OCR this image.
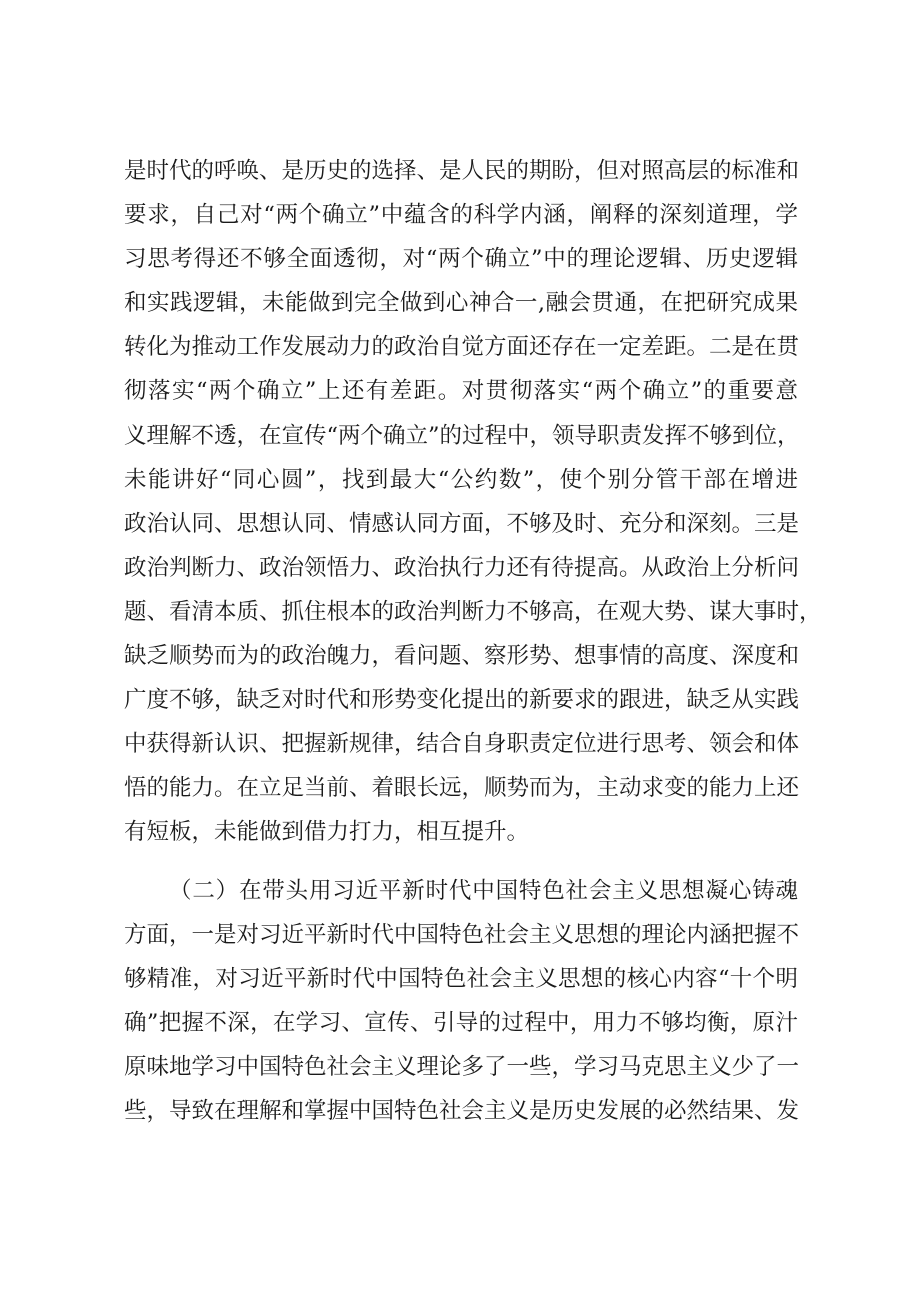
是时代的呼唤、是历史的选择、是人民的期盼，但对照高层的标准和
要求，自己对“两个确立”中蕴含的科学内涵，阐释的深刻道理，学
习思考得还不够全面透彻，对“两个确立”中的理论逻辑、历史逻辑
和实践逻辑，未能做到完全做到心神合一,融会贯通，在把研究成果
转化为推动工作发展动力的政治自觉方面还存在一定差距。二是在贯
彻落实“两个确立”上还有差距。对贯彻落实“两个确立”的重要意
义理解不透，在宣传“两个确立”的过程中，领导职责发挥不够到位，
未能讲好“同心圆”，找到最大“公约数”，使个别分管干部在增进
政治认同、思想认同、情感认同方面，不够及时、充分和深刻。三是
政治判断力、政治领悟力、政治执行力还有待提高。从政治上分析问
题、看清本质、抓住根本的政治判断力不够高，在观大势、谋大事时，
缺乏顺势而为的政治魄力，看问题、察形势、想事情的高度、深度和
广度不够，缺乏对时代和形势变化提出的新要求的跟进，缺乏从实践
中获得新认识、把握新规律，结合自身职责定位进行思考、领会和体
悟的能力。在立足当前、着眼长远，顺势而为，主动求变的能力上还
有短板，未能做到借力打力，相互提升。
（二）在带头用习近平新时代中国特色社会主义思想凝心铸魂
方面，一是对习近平新时代中国特色社会主义思想的理论内涵把握不
够精准，对习近平新时代中国特色社会主义思想的核心内容“十个明
确”把握不深，在学习、宣传、引导的过程中，用力不够均衡，原汁
原味地学习中国特色社会主义理论多了一些，学习马克思主义少了一
些，导致在理解和掌握中国特色社会主义是历史发展的必然结果、发
